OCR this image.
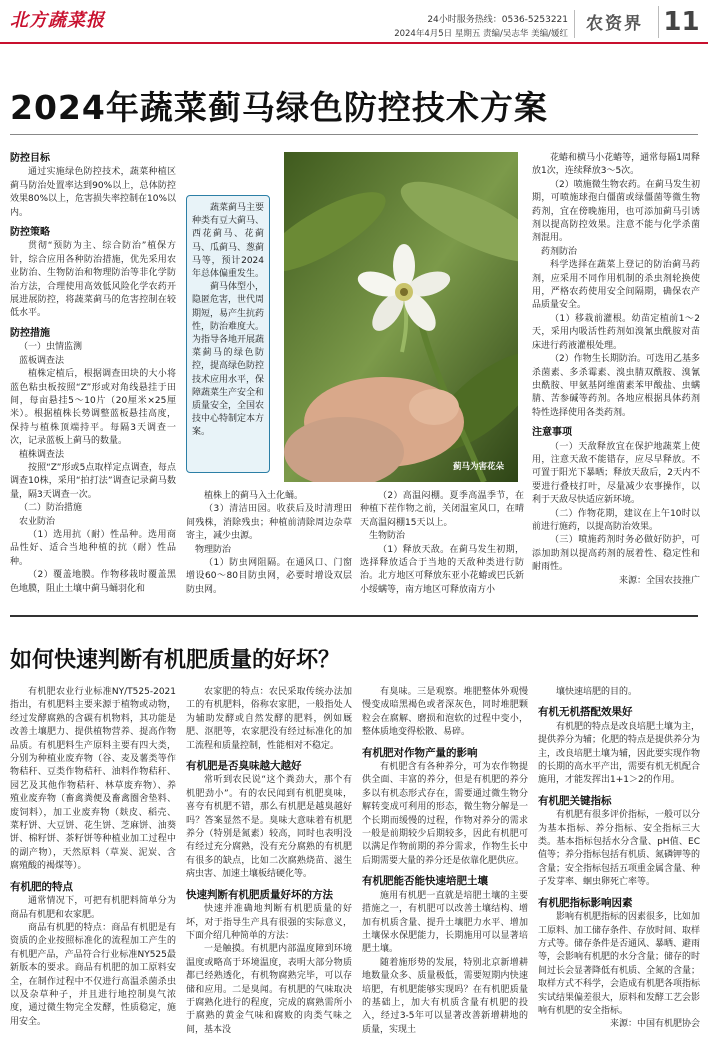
北方蔬菜报	24小时服务热线：0536-5253221
2024年4月5日 星期五 责编/吴志华 美编/媛红	农资界 11
2024年蔬菜蓟马绿色防控技术方案
防控目标

通过实施绿色防控技术，蔬菜种植区蓟马防治处置率达到90%以上，总体防控效果80%以上，危害损失率控制在10%以内。

防控策略

贯彻“预防为主、综合防治”植保方针，综合应用各种防治措施，优先采用农业防治、生物防治和物理防治等非化学防治方法，合理使用高效低风险化学农药开展进展防控，将蔬菜蓟马的危害控制在较低水平。

防控措施
（一）虫情监测
蓝板调查法

植株定植后，根据调查田块的大小将蓝色粘虫板按照“Z”形或对角线悬挂于田间，每亩悬挂5～10片（20厘米×25厘米）。根据植株长势调整蓝板悬挂高度，保持与植株顶端持平。每隔3天调查一次，记录蓝板上蓟马的数量。

植株调查法

按照“Z”形或5点取样定点调查，每点调查10株，采用“拍打法”调查记录蓟马数量，隔3天调查一次。

（二）防治措施
农业防治

（1）选用抗（耐）性品种。选用商品性好、适合当地种植的抗（耐）性品种。

（2）覆盖地膜。作物移栽时覆盖黑色地膜，阻止土壤中蓟马蛹羽化和

蓟马为害花朵

蔬菜蓟马主要种类有豆大蓟马、西花蓟马、花蓟马、瓜蓟马、葱蓟马等，预计2024年总体偏重发生。

蓟马体型小，隐匿危害，世代周期短，易产生抗药性，防治难度大。为指导各地开展蔬菜蓟马的绿色防控，提高绿色防控技术应用水平，保障蔬菜生产安全和质量安全，全国农技中心特制定本方案。

植株上的蓟马入土化蛹。

（3）清洁田园。收获后及时清理田间残株，消除残虫；种植前清除周边杂草寄主，减少虫源。

物理防治

（1）防虫网阻隔。在通风口、门窗增设60～80目防虫网，必要时增设双层防虫网。

（2）高温闷棚。夏季高温季节，在种植下茬作物之前，关闭温室风口，在晴天高温闷棚15天以上。

生物防治

（1）释放天敌。在蓟马发生初期，选择释放适合于当地的天敌种类进行防治。北方地区可释放东亚小花蝽或巴氏新小绥螨等，南方地区可释放南方小

花蝽和横马小花蝽等，通常每隔1周释放1次，连续释放3～5次。

（2）喷施微生物农药。在蓟马发生初期，可喷施球孢白僵菌或绿僵菌等微生物药剂，宜在傍晚施用，也可添加蓟马引诱剂以提高防控效果。注意不能与化学杀菌剂混用。

药剂防治

科学选择在蔬菜上登记的防治蓟马药剂，应采用不同作用机制的杀虫剂轮换使用，严格农药使用安全间隔期，确保农产品质量安全。

（1）移栽前灌根。幼苗定植前1～2天，采用内吸活性药剂如溴氰虫酰胺对苗床进行药液灌根处理。

（2）作物生长期防治。可选用乙基多杀菌素、多杀霉素、溴虫腈双酰胺、溴氰虫酰胺、甲氨基阿维菌素苯甲酸盐、虫螨腈、苦参碱等药剂。各地应根据具体药剂特性选择使用各类药剂。

注意事项

（一）天敌释放宜在保护地蔬菜上使用，注意天敌不能错存，应尽早释放。不可置于阳光下暴晒；释放天敌后，2天内不要进行叠枝打叶，尽量减少农事操作，以利于天敌尽快适应新环境。

（二）作物花期，建议在上午10时以前进行施药，以提高防治效果。

（三）喷施药剂时务必做好防护，可添加助剂以提高药剂的展着性、稳定性和耐雨性。

来源：全国农技推广
如何快速判断有机肥质量的好坏？

有机肥农业行业标准NY/T525-2021指出，有机肥料主要来源于植物或动物，经过发酵腐熟的含碳有机物料，其功能是改善土壤肥力、提供植物营养、提高作物品质。有机肥料生产原料主要有四大类，分别为种植业废弃物（谷、麦及薯类等作物秸秆、豆类作物秸秆、油料作物秸秆、园艺及其他作物秸秆、林草废弃物）、养殖业废弃物（畜禽粪便及畜禽圈舍垫料、废饲料），加工业废弃物（麸皮、稻壳、菜籽饼、大豆饼、花生饼、芝麻饼、油葵饼、棉籽饼、茶籽饼等种植业加工过程中的副产物），天然原料（草炭、泥炭、含腐殖酸的褐煤等）。

有机肥的特点

通常情况下，可把有机肥料简单分为商品有机肥和农家肥。

商品有机肥的特点：商品有机肥是有资质的企业按照标准化的流程加工产生的有机肥产品，产品符合行业标准NY525最新版本的要求。商品有机肥的加工原料安全，在制作过程中不仅进行高温杀菌杀虫以及杂草种子，并且进行地控制臭气浓度，通过微生物完全发酵，性质稳定，施用安全。

农家肥的特点：农民采取传统办法加工的有机肥料，俗称农家肥，一般指处人为辅助发酵或自然发酵的肥料，例如厩肥、沤肥等，农家肥没有经过标准化的加工流程和质量控制，性能相对不稳定。

有机肥是否臭味越大越好

常听到农民说“这个粪劲大，那个有机肥劲小”。有的农民闻到有机肥臭味，喜夸有机肥不错，那么有机肥是越臭越好吗？答案显然不是。臭味大意味着有机肥养分（特别是氮素）较高，同时也表明没有经过充分腐熟，没有充分腐熟的有机肥有很多的缺点，比如二次腐熟烧苗、滋生病虫害、加速土壤板结硬化等。

快速判断有机肥质量好坏的方法

快速并准确地判断有机肥质量的好坏，对于指导生产具有很强的实际意义，下面介绍几种简单的方法：

一是触摸。有机肥内部温度障到环境温度或略高于环境温度，表明大部分物质都已经熟透化，有机物腐熟完毕，可以存储和应用。二是臭闻。有机肥的气味取决于腐熟化进行的程度，完成的腐熟需所小于腐熟的黄金气味和腐败的肉类气味之间，基本没

有臭味。三是观察。堆肥整体外观慢慢变成暗黑褐色或者深灰色，同时堆肥颗粒会在腐解、磨损和泡软的过程中变小，整体质地变得松散、易碎。

有机肥对作物产量的影响

有机肥含有各种养分，可为农作物提供全面、丰富的养分，但是有机肥的养分多以有机态形式存在，需要通过微生物分解转变成可利用的形态，微生物分解是一个长期而缓慢的过程，作物对养分的需求一般是前期较少后期较多，因此有机肥可以满足作物前期的养分需求，作物生长中后期需要大量的养分还是依靠化肥供应。

有机肥能否能快速培肥土壤

施用有机肥一直就是培肥土壤的主要措施之一，有机肥可以改善土壤结构、增加有机质含量、提升土壤肥力水平、增加土壤保水保肥能力，长期施用可以显著培肥土壤。

随着施形势的发展，特别北京新增耕地数量众多、质量极低，需要短期内快速培肥，有机肥能够实现吗？在有机肥质量的基础上，加大有机质含量有机肥的投入，经过3-5年可以显著改善新增耕地的质量，实现土

壤快速培肥的目的。

有机无机搭配效果好

有机肥的特点是改良培肥土壤为主，提供养分为辅；化肥的特点是提供养分为主，改良培肥土壤为辅，因此要实现作物的长期的高水平产出，需要有机无机配合施用，才能发挥出1+1＞2的作用。

有机肥关键指标

有机肥有很多评价指标，一般可以分为基本指标、养分指标、安全指标三大类。基本指标包括水分含量、pH值、EC值等；养分指标包括有机质、氮磷钾等的含量；安全指标包括五项重金属含量、种子发芽率、蛔虫卵死亡率等。

有机肥指标影响因素

影响有机肥指标的因素很多，比如加工原料、加工储存条件、存放时间、取样方式等。储存条件是否通风、暴晒、避雨等，会影响有机肥的水分含量；储存的时间过长会显著降低有机质、全氮的含量；取样方式不科学，会造成有机肥各项指标实试结果偏差很大，原料和发酵工艺会影响有机肥的安全指标。

来源：中国有机肥协会
